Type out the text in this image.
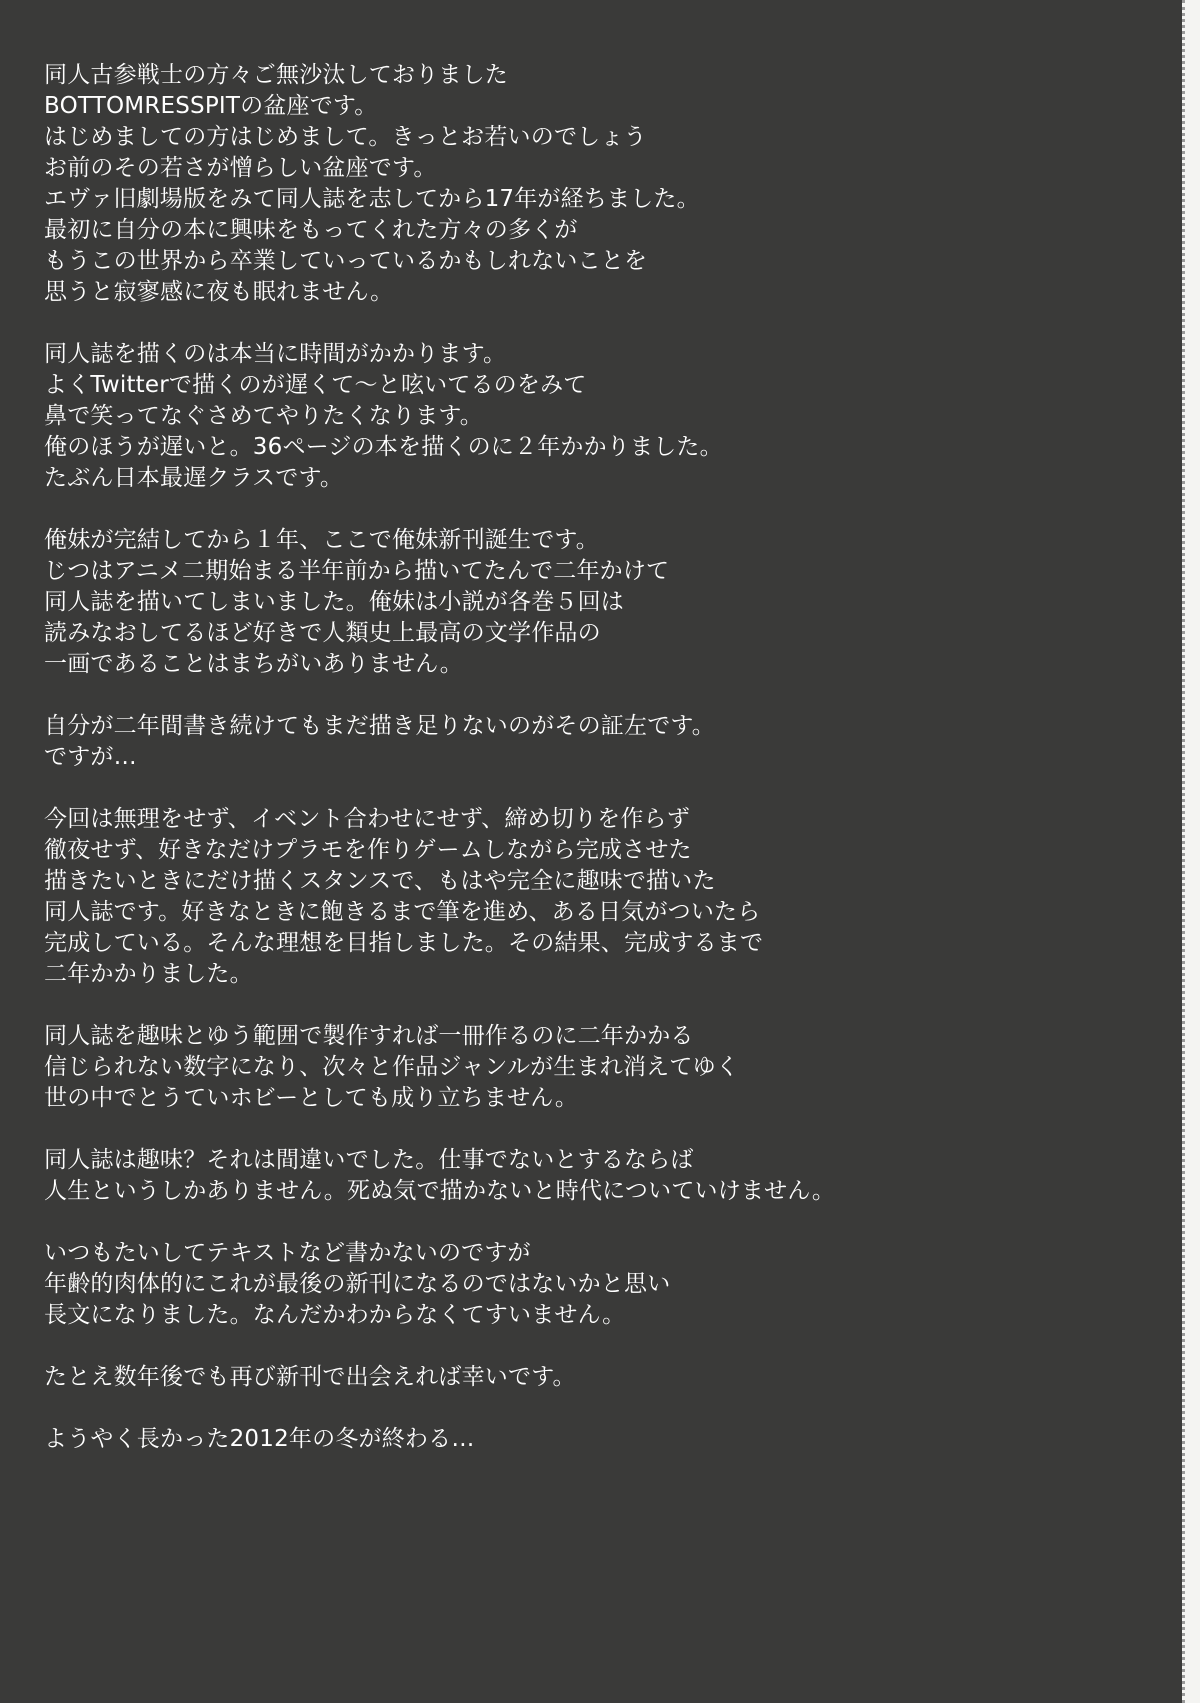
同人古参戦士の方々ご無沙汰しておりました
BOTTOMRESSPITの盆座です。
はじめましての方はじめまして。きっとお若いのでしょう
お前のその若さが憎らしい盆座です。
エヴァ旧劇場版をみて同人誌を志してから17年が経ちました。
最初に自分の本に興味をもってくれた方々の多くが
もうこの世界から卒業していっているかもしれないことを
思うと寂寥感に夜も眠れません。
同人誌を描くのは本当に時間がかかります。
よくTwitterで描くのが遅くて〜と呟いてるのをみて
鼻で笑ってなぐさめてやりたくなります。
俺のほうが遅いと。36ページの本を描くのに２年かかりました。
たぶん日本最遅クラスです。
俺妹が完結してから１年、ここで俺妹新刊誕生です。
じつはアニメ二期始まる半年前から描いてたんで二年かけて
同人誌を描いてしまいました。俺妹は小説が各巻５回は
読みなおしてるほど好きで人類史上最高の文学作品の
一画であることはまちがいありません。
自分が二年間書き続けてもまだ描き足りないのがその証左です。
ですが…
今回は無理をせず、イベント合わせにせず、締め切りを作らず
徹夜せず、好きなだけプラモを作りゲームしながら完成させた
描きたいときにだけ描くスタンスで、もはや完全に趣味で描いた
同人誌です。好きなときに飽きるまで筆を進め、ある日気がついたら
完成している。そんな理想を目指しました。その結果、完成するまで
二年かかりました。
同人誌を趣味とゆう範囲で製作すれば一冊作るのに二年かかる
信じられない数字になり、次々と作品ジャンルが生まれ消えてゆく
世の中でとうていホビーとしても成り立ちません。
同人誌は趣味？それは間違いでした。仕事でないとするならば
人生というしかありません。死ぬ気で描かないと時代についていけません。
いつもたいしてテキストなど書かないのですが
年齢的肉体的にこれが最後の新刊になるのではないかと思い
長文になりました。なんだかわからなくてすいません。
たとえ数年後でも再び新刊で出会えれば幸いです。
ようやく長かった2012年の冬が終わる…
